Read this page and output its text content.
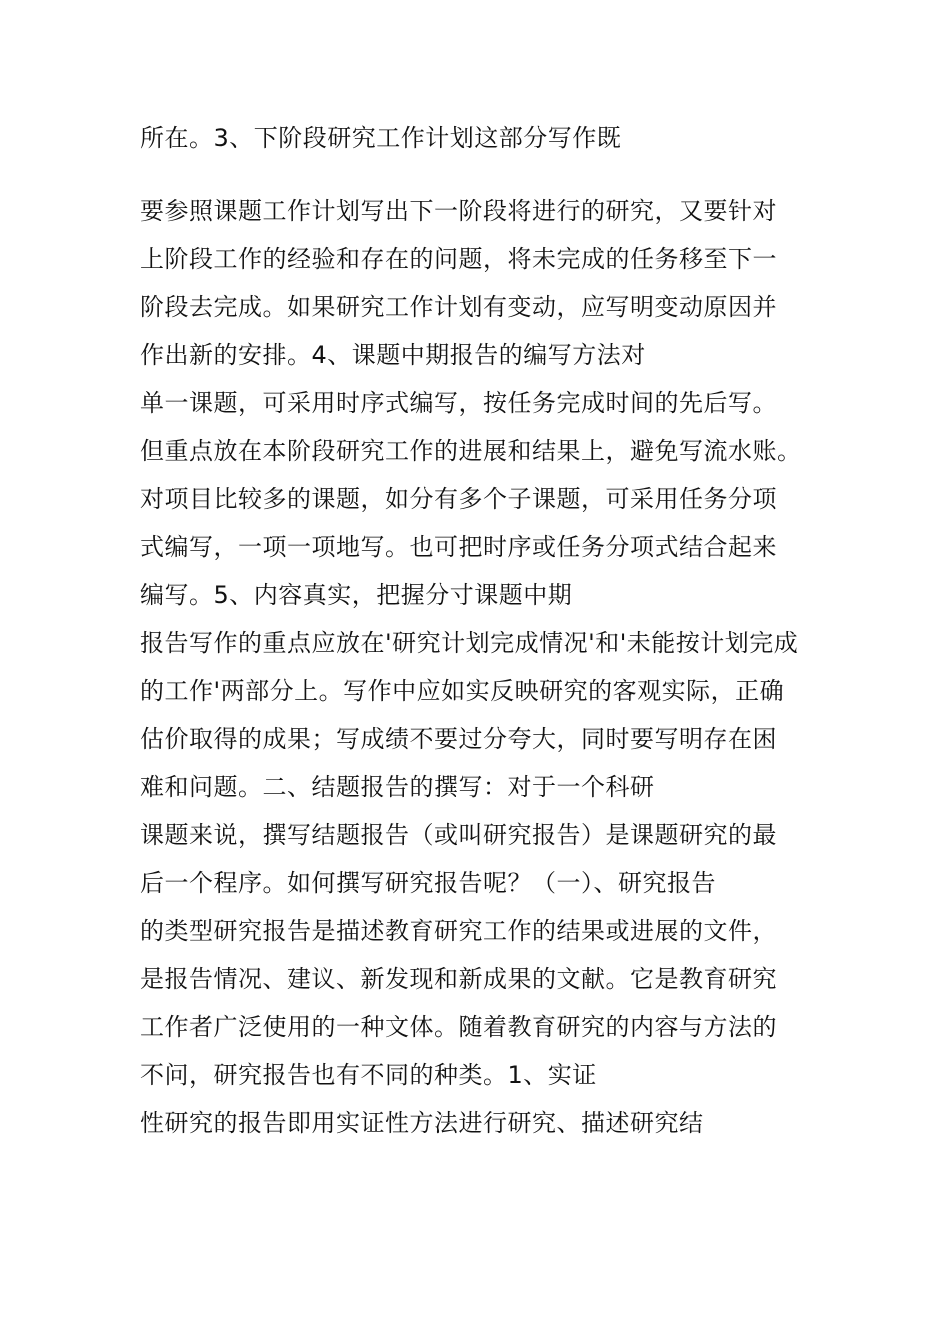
所在。3、下阶段研究工作计划这部分写作既
要参照课题工作计划写出下一阶段将进行的研究，又要针对
上阶段工作的经验和存在的问题，将未完成的任务移至下一
阶段去完成。如果研究工作计划有变动，应写明变动原因并
作出新的安排。4、课题中期报告的编写方法对
单一课题，可采用时序式编写，按任务完成时间的先后写。
但重点放在本阶段研究工作的进展和结果上，避免写流水账。
对项目比较多的课题，如分有多个子课题，可采用任务分项
式编写，一项一项地写。也可把时序或任务分项式结合起来
编写。5、内容真实，把握分寸课题中期
报告写作的重点应放在'研究计划完成情况'和'未能按计划完成
的工作'两部分上。写作中应如实反映研究的客观实际，正确
估价取得的成果；写成绩不要过分夸大，同时要写明存在困
难和问题。二、结题报告的撰写：对于一个科研
课题来说，撰写结题报告（或叫研究报告）是课题研究的最
后一个程序。如何撰写研究报告呢？（一）、研究报告
的类型研究报告是描述教育研究工作的结果或进展的文件，
是报告情况、建议、新发现和新成果的文献。它是教育研究
工作者广泛使用的一种文体。随着教育研究的内容与方法的
不问，研究报告也有不同的种类。1、实证
性研究的报告即用实证性方法进行研究、描述研究结
